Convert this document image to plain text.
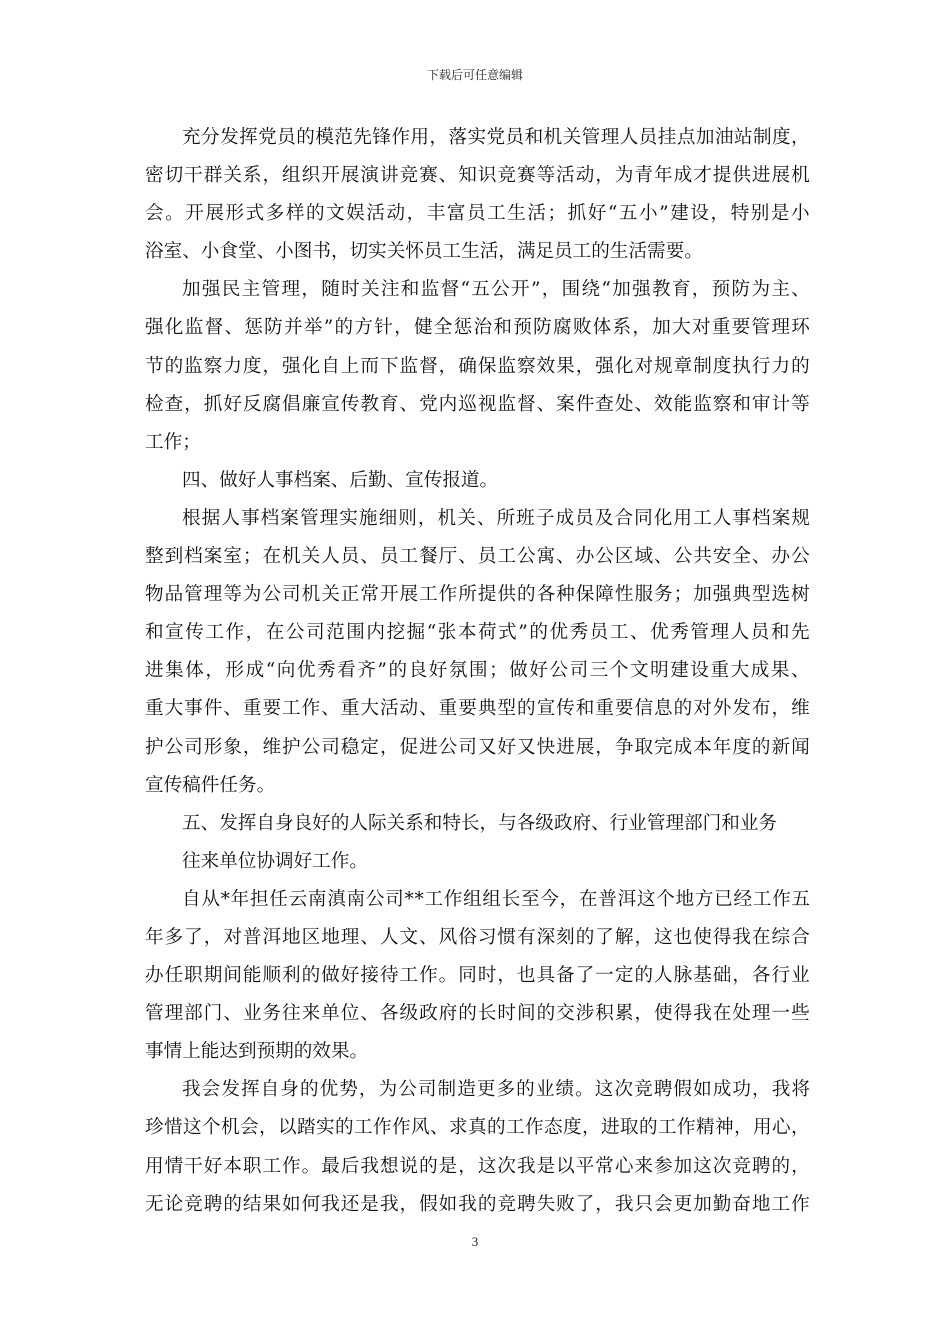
下载后可任意编辑
充 分 发 挥 党 员 的 模 范 先 锋 作 用 ， 落 实 党 员 和 机 关 管 理 人 员 挂 点 加 油 站 制 度 ，
密 切 干 群 关 系 ， 组 织 开 展 演 讲 竞 赛 、 知 识 竞 赛 等 活 动 ， 为 青 年 成 才 提 供 进 展 机
会 。 开 展 形 式 多 样 的 文 娱 活 动 ， 丰 富 员 工 生 活 ； 抓 好 “ 五 小 ” 建 设 ， 特 别 是 小
浴室、小食堂、小图书，切实关怀员工生活，满足员工的生活需要。
加 强 民 主 管 理 ， 随 时 关 注 和 监 督 “ 五 公 开 ” ， 围 绕 “ 加 强 教 育 ， 预 防 为 主 、
强 化 监 督 、 惩 防 并 举 ” 的 方 针 ， 健 全 惩 治 和 预 防 腐 败 体 系 ， 加 大 对 重 要 管 理 环
节 的 监 察 力 度 ， 强 化 自 上 而 下 监 督 ， 确 保 监 察 效 果 ， 强 化 对 规 章 制 度 执 行 力 的
检 查 ， 抓 好 反 腐 倡 廉 宣 传 教 育 、 党 内 巡 视 监 督 、 案 件 查 处 、 效 能 监 察 和 审 计 等
工作；
四、做好人事档案、后勤、宣传报道。
根 据 人 事 档 案 管 理 实 施 细 则 ， 机 关 、 所 班 子 成 员 及 合 同 化 用 工 人 事 档 案 规
整 到 档 案 室 ； 在 机 关 人 员 、 员 工 餐 厅 、 员 工 公 寓 、 办 公 区 域 、 公 共 安 全 、 办 公
物 品 管 理 等 为 公 司 机 关 正 常 开 展 工 作 所 提 供 的 各 种 保 障 性 服 务 ； 加 强 典 型 选 树
和 宣 传 工 作 ， 在 公 司 范 围 内 挖 掘 “ 张 本 荷 式 ” 的 优 秀 员 工 、 优 秀 管 理 人 员 和 先
进 集 体 ， 形 成 “ 向 优 秀 看 齐 ” 的 良 好 氛 围 ； 做 好 公 司 三 个 文 明 建 设 重 大 成 果 、
重 大 事 件 、 重 要 工 作 、 重 大 活 动 、 重 要 典 型 的 宣 传 和 重 要 信 息 的 对 外 发 布 ， 维
护 公 司 形 象 ， 维 护 公 司 稳 定 ， 促 进 公 司 又 好 又 快 进 展 ， 争 取 完 成 本 年 度 的 新 闻
宣传稿件任务。
五、发挥自身良好的人际关系和特长，与各级政府、行业管理部门和业务
往来单位协调好工作。
自 从 * 年 担 任 云 南 滇 南 公 司 * * 工 作 组 组 长 至 今 ， 在 普 洱 这 个 地 方 已 经 工 作 五
年 多 了 ， 对 普 洱 地 区 地 理 、 人 文 、 风 俗 习 惯 有 深 刻 的 了 解 ， 这 也 使 得 我 在 综 合
办 任 职 期 间 能 顺 利 的 做 好 接 待 工 作 。 同 时 ， 也 具 备 了 一 定 的 人 脉 基 础 ， 各 行 业
管 理 部 门 、 业 务 往 来 单 位 、 各 级 政 府 的 长 时 间 的 交 涉 积 累 ， 使 得 我 在 处 理 一 些
事情上能达到预期的效果。
我 会 发 挥 自 身 的 优 势 ， 为 公 司 制 造 更 多 的 业 绩 。 这 次 竞 聘 假 如 成 功 ， 我 将
珍 惜 这 个 机 会 ， 以 踏 实 的 工 作 作 风 、 求 真 的 工 作 态 度 ， 进 取 的 工 作 精 神 ， 用 心 ，
用 情 干 好 本 职 工 作 。 最 后 我 想 说 的 是 ， 这 次 我 是 以 平 常 心 来 参 加 这 次 竞 聘 的 ，
无 论 竞 聘 的 结 果 如 何 我 还 是 我 ， 假 如 我 的 竞 聘 失 败 了 ， 我 只 会 更 加 勤 奋 地 工 作
3
